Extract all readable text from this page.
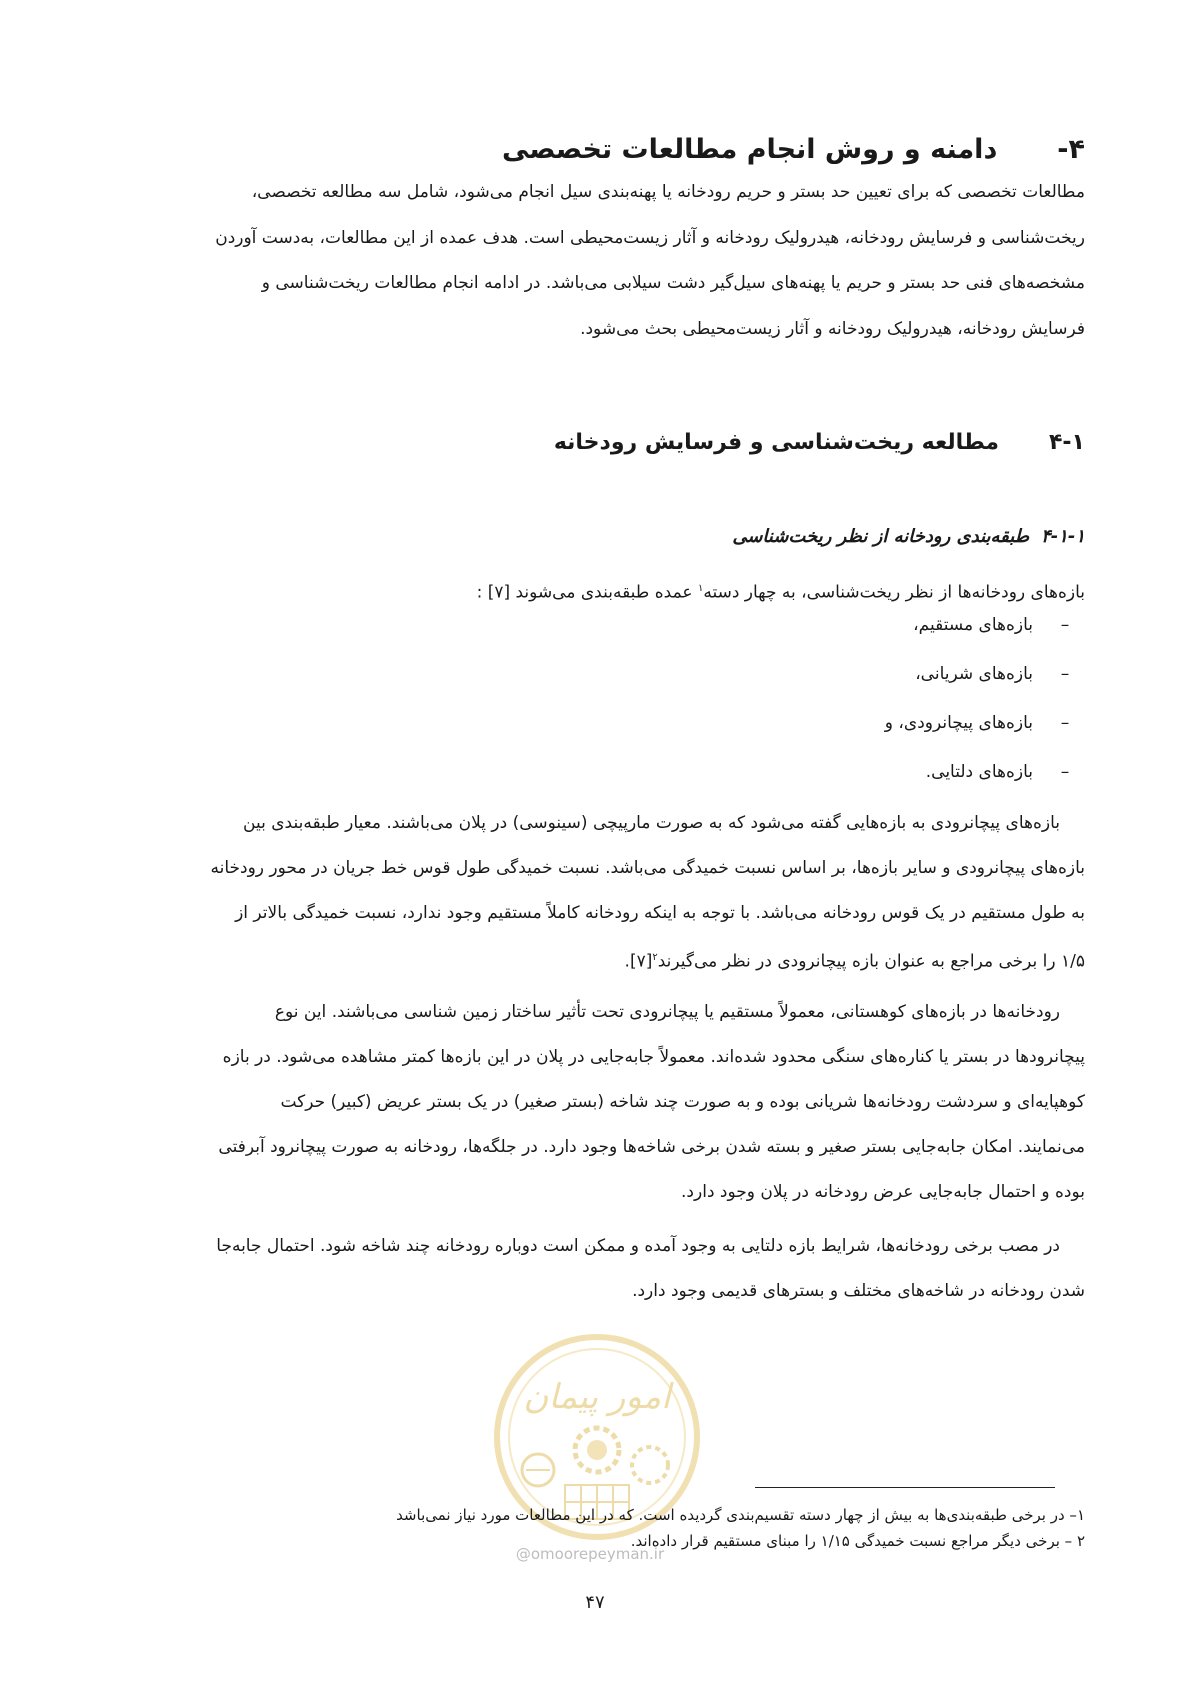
۴-دامنه و روش انجام مطالعات تخصصی
مطالعات تخصصی که برای تعیین حد بستر و حریم رودخانه یا پهنه‌بندی سیل انجام می‌شود، شامل سه مطالعه تخصصی،
ریخت‌شناسی و فرسایش رودخانه، هیدرولیک رودخانه و آثار زیست‌محیطی است. هدف عمده از این مطالعات، به‌دست آوردن
مشخصه‌های فنی حد بستر و حریم یا پهنه‌های سیل‌گیر دشت سیلابی می‌باشد. در ادامه انجام مطالعات ریخت‌شناسی و
فرسایش رودخانه، هیدرولیک رودخانه و آثار زیست‌محیطی بحث می‌شود.
۴-۱مطالعه ریخت‌شناسی و فرسایش رودخانه
۴-۱-۱طبقه‌بندی رودخانه از نظر ریخت‌شناسی
بازه‌های رودخانه‌ها از نظر ریخت‌شناسی، به چهار دسته$^۱$ عمده طبقه‌بندی می‌شوند [۷] :
–بازه‌های مستقیم،
–بازه‌های شریانی،
–بازه‌های پیچانرودی، و
–بازه‌های دلتایی.
بازه‌های پیچانرودی به بازه‌هایی گفته می‌شود که به صورت مارپیچی (سینوسی) در پلان می‌باشند. معیار طبقه‌بندی بین
بازه‌های پیچانرودی و سایر بازه‌ها، بر اساس نسبت خمیدگی می‌باشد. نسبت خمیدگی طول قوس خط جریان در محور رودخانه
به طول مستقیم در یک قوس رودخانه می‌باشد. با توجه به اینکه رودخانه کاملاً مستقیم وجود ندارد، نسبت خمیدگی بالاتر از
۱/۵ را برخی مراجع به عنوان بازه پیچانرودی در نظر می‌گیرند$^۲$[۷].
رودخانه‌ها در بازه‌های کوهستانی، معمولاً مستقیم یا پیچانرودی تحت تأثیر ساختار زمین شناسی می‌باشند. این نوع
پیچانرودها در بستر یا کناره‌های سنگی محدود شده‌اند. معمولاً جابه‌جایی در پلان در این بازه‌ها کمتر مشاهده می‌شود. در بازه
کوهپایه‌ای و سردشت رودخانه‌ها شریانی بوده و به صورت چند شاخه (بستر صغیر) در یک بستر عریض (کبیر) حرکت
می‌نمایند. امکان جابه‌جایی بستر صغیر و بسته شدن برخی شاخه‌ها وجود دارد. در جلگه‌ها، رودخانه به صورت پیچانرود آبرفتی
بوده و احتمال جابه‌جایی عرض رودخانه در پلان وجود دارد.
در مصب برخی رودخانه‌ها، شرایط بازه دلتایی به وجود آمده و ممکن است دوباره رودخانه چند شاخه شود. احتمال جابه‌جا
شدن رودخانه در شاخه‌های مختلف و بسترهای قدیمی وجود دارد.
امور پیمان
۱– در برخی طبقه‌بندی‌ها به بیش از چهار دسته تقسیم‌بندی گردیده است. که در این مطالعات مورد نیاز نمی‌باشد
۲ – برخی دیگر مراجع نسبت خمیدگی ۱/۱۵ را مبنای مستقیم قرار داده‌اند.
@omoorepeyman.ir
۴۷
